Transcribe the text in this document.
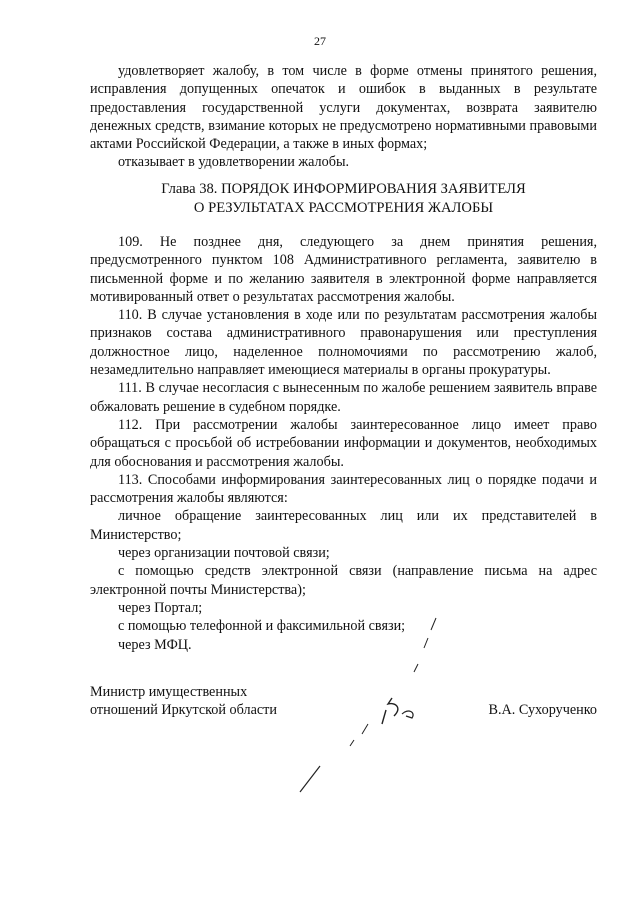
27

удовлетворяет жалобу, в том числе в форме отмены принятого решения, исправления допущенных опечаток и ошибок в выданных в результате предоставления государственной услуги документах, возврата заявителю денежных средств, взимание которых не предусмотрено нормативными правовыми актами Российской Федерации, а также в иных формах;

отказывает в удовлетворении жалобы.

Глава 38. ПОРЯДОК ИНФОРМИРОВАНИЯ ЗАЯВИТЕЛЯ
О РЕЗУЛЬТАТАХ РАССМОТРЕНИЯ ЖАЛОБЫ

109. Не позднее дня, следующего за днем принятия решения, предусмотренного пунктом 108 Административного регламента, заявителю в письменной форме и по желанию заявителя в электронной форме направляется мотивированный ответ о результатах рассмотрения жалобы.

110. В случае установления в ходе или по результатам рассмотрения жалобы признаков состава административного правонарушения или преступления должностное лицо, наделенное полномочиями по рассмотрению жалоб, незамедлительно направляет имеющиеся материалы в органы прокуратуры.

111. В случае несогласия с вынесенным по жалобе решением заявитель вправе обжаловать решение в судебном порядке.

112. При рассмотрении жалобы заинтересованное лицо имеет право обращаться с просьбой об истребовании информации и документов, необходимых для обоснования и рассмотрения жалобы.

113. Способами информирования заинтересованных лиц о порядке подачи и рассмотрения жалобы являются:

личное обращение заинтересованных лиц или их представителей в Министерство;

через организации почтовой связи;

с помощью средств электронной связи (направление письма на адрес электронной почты Министерства);

через Портал;

с помощью телефонной и факсимильной связи;

через МФЦ.

Министр имущественных
отношений Иркутской области	В.А. Сухорученко
